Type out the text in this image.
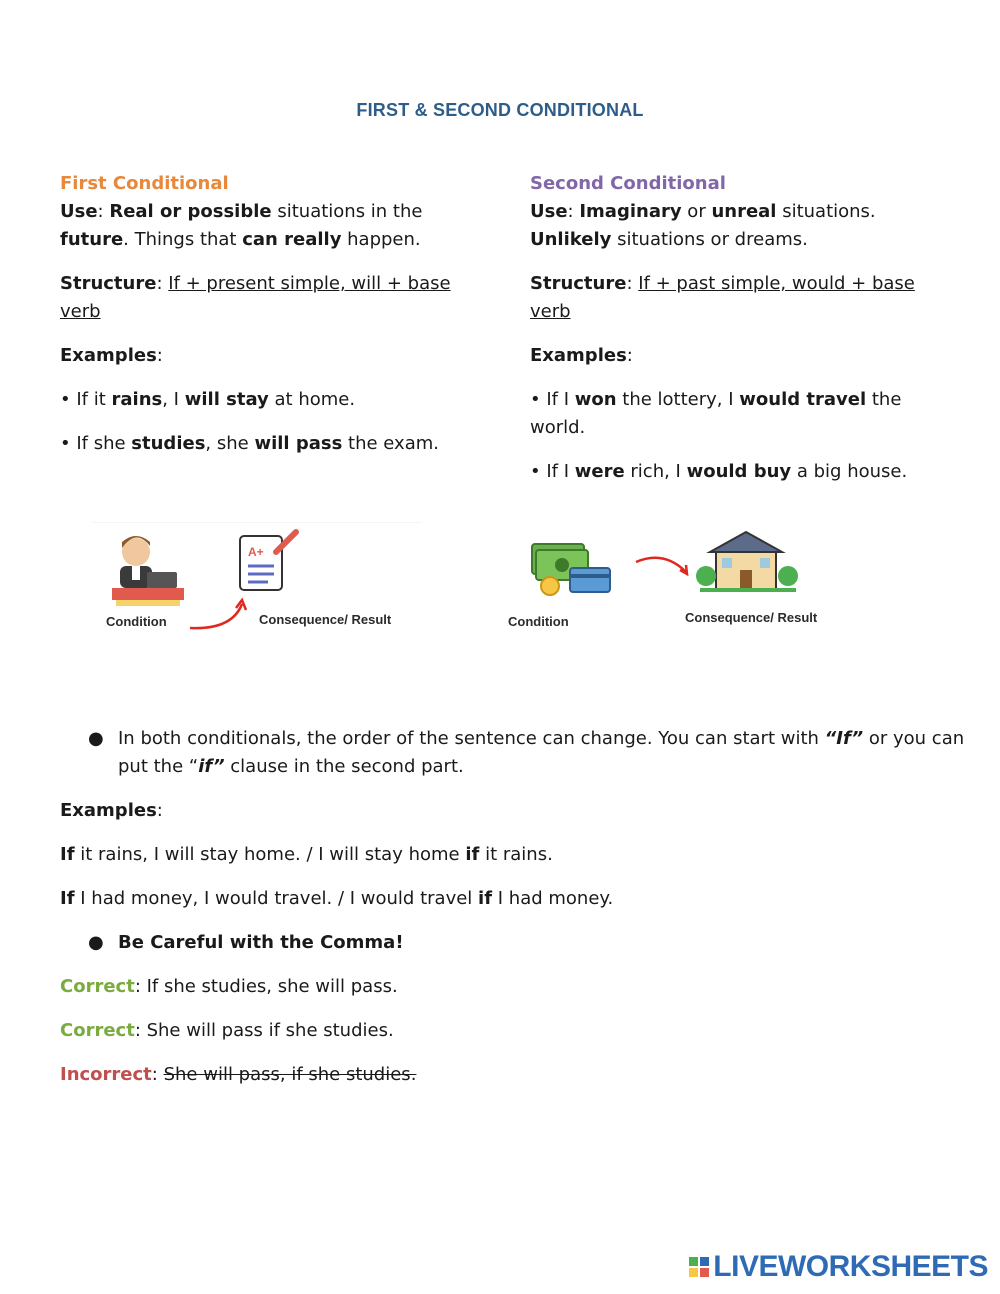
FIRST & SECOND CONDITIONAL

First Conditional

Use: Real or possible situations in the future. Things that can really happen.

Structure: If + present simple, will + base verb

Examples:

• If it rains, I will stay at home.

• If she studies, she will pass the exam.

Second Conditional

Use: Imaginary or unreal situations. Unlikely situations or dreams.

Structure: If + past simple, would + base verb

Examples:

• If I won the lottery, I would travel the world.

• If I were rich, I would buy a big house.

A+
Condition	Consequence/ Result	Condition	Consequence/ Result

● In both conditionals, the order of the sentence can change. You can start with “If” or you can put the “if” clause in the second part.

Examples:

If it rains, I will stay home. / I will stay home if it rains.

If I had money, I would travel. / I would travel if I had money.

● Be Careful with the Comma!

Correct: If she studies, she will pass.

Correct: She will pass if she studies.

Incorrect: She will pass, if she studies.

LIVEWORKSHEETS
